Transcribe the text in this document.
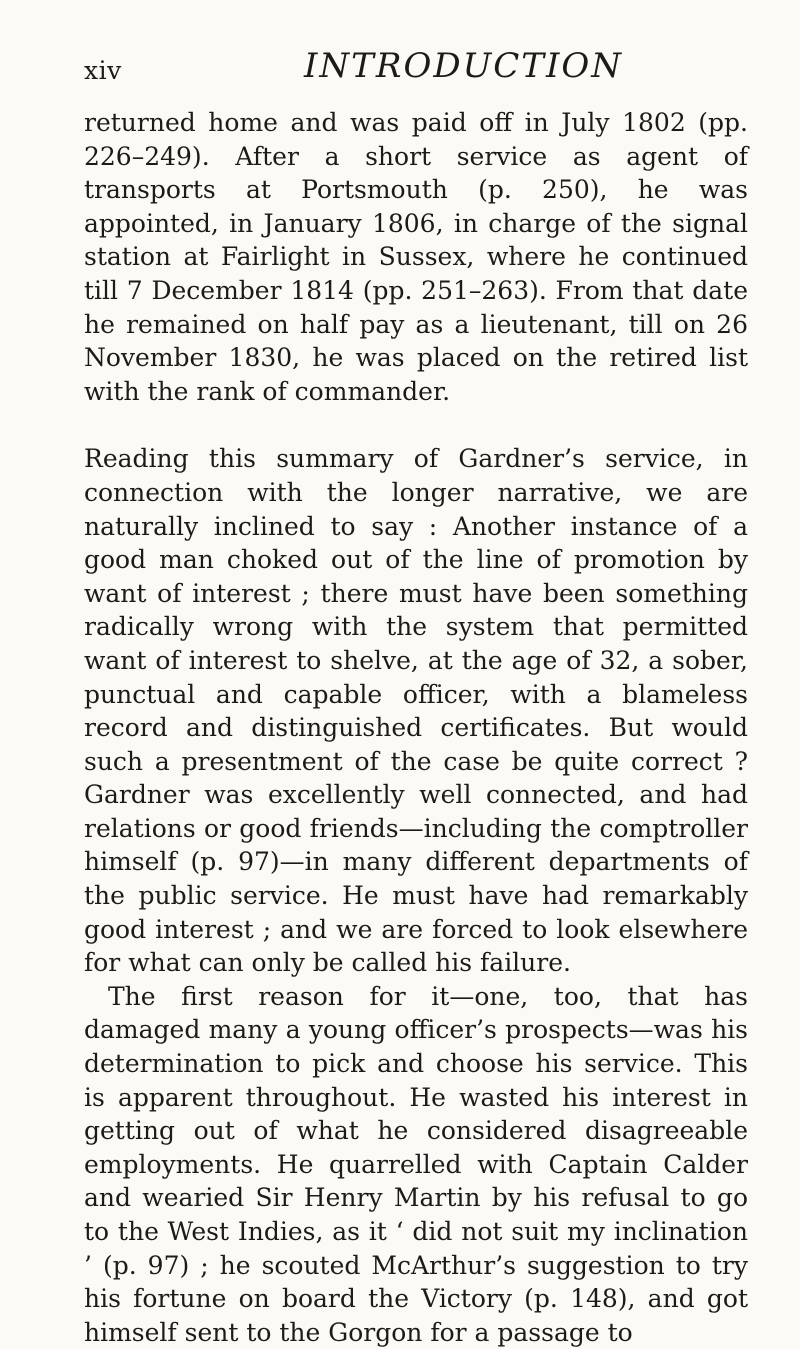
xiv	INTRODUCTION

returned home and was paid off in July 1802 (pp. 226–249). After a short service as agent of transports at Portsmouth (p. 250), he was appointed, in January 1806, in charge of the signal station at Fairlight in Sussex, where he continued till 7 December 1814 (pp. 251–263). From that date he remained on half pay as a lieutenant, till on 26 November 1830, he was placed on the retired list with the rank of commander.

Reading this summary of Gardner’s service, in connection with the longer narrative, we are naturally inclined to say : Another instance of a good man choked out of the line of promotion by want of interest ; there must have been something radically wrong with the system that permitted want of interest to shelve, at the age of 32, a sober, punctual and capable officer, with a blameless record and distinguished certificates. But would such a presentment of the case be quite correct ? Gardner was excellently well connected, and had relations or good friends—including the comptroller himself (p. 97)—in many different departments of the public service. He must have had remarkably good interest ; and we are forced to look elsewhere for what can only be called his failure.

The first reason for it—one, too, that has damaged many a young officer’s prospects—was his determination to pick and choose his service. This is apparent throughout. He wasted his interest in getting out of what he considered disagreeable employments. He quarrelled with Captain Calder and wearied Sir Henry Martin by his refusal to go to the West Indies, as it ‘ did not suit my inclination ’ (p. 97) ; he scouted McArthur’s suggestion to try his fortune on board the Victory (p. 148), and got himself sent to the Gorgon for a passage to
